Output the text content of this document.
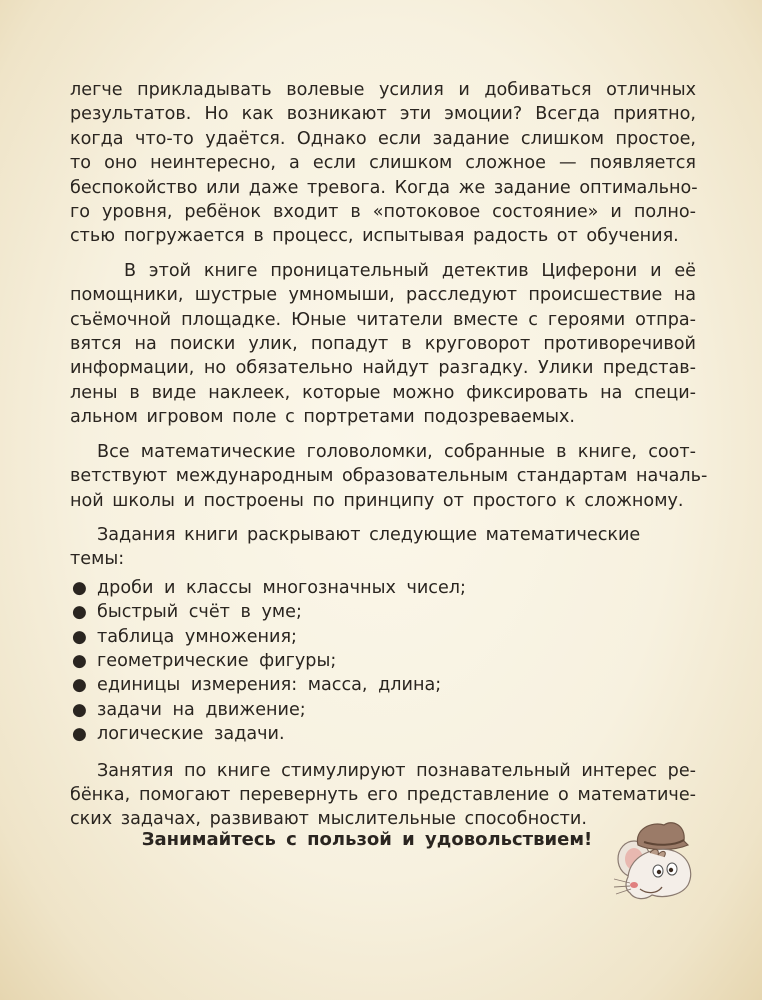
легче прикладывать волевые усилия и добиваться отличных
результатов. Но как возникают эти эмоции? Всегда приятно,
когда что-то удаётся. Однако если задание слишком простое,
то оно неинтересно, а если слишком сложное — появляется
беспокойство или даже тревога. Когда же задание оптимально-
го уровня, ребёнок входит в «потоковое состояние» и полно-
стью погружается в процесс, испытывая радость от обучения.
В этой книге проницательный детектив Циферони и её
помощники, шустрые умномыши, расследуют происшествие на
съёмочной площадке. Юные читатели вместе с героями отпра-
вятся на поиски улик, попадут в круговорот противоречивой
информации, но обязательно найдут разгадку. Улики представ-
лены в виде наклеек, которые можно фиксировать на специ-
альном игровом поле с портретами подозреваемых.
Все математические головоломки, собранные в книге, соот-
ветствуют международным образовательным стандартам началь-
ной школы и построены по принципу от простого к сложному.
Задания книги раскрывают следующие математические темы:
● дроби и классы многозначных чисел;
● быстрый счёт в уме;
● таблица умножения;
● геометрические фигуры;
● единицы измерения: масса, длина;
● задачи на движение;
● логические задачи.
Занятия по книге стимулируют познавательный интерес ре-
бёнка, помогают перевернуть его представление о математиче-
ских задачах, развивают мыслительные способности.
Занимайтесь с пользой и удовольствием!
